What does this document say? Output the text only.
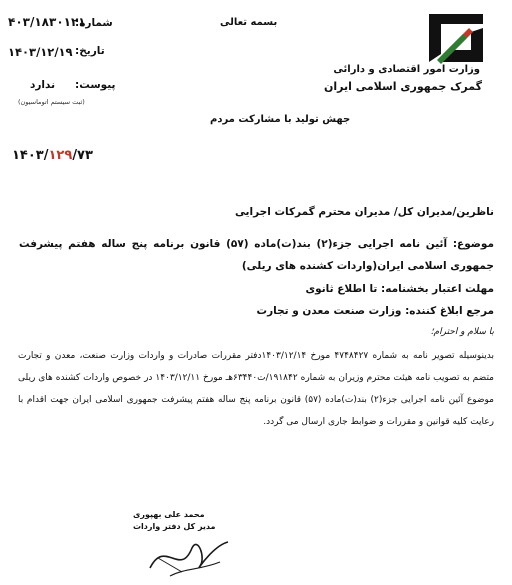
وزارت امور اقتصادی و دارائی
گمرک جمهوری اسلامی ایران
بسمه تعالی
جهش تولید با مشارکت مردم
شماره:
۴۰۳/۱۸۳۰۱۲۱
تاریخ:
۱۴۰۳/۱۲/۱۹
پیوست:
ندارد
(ثبت سیستم اتوماسیون)
۱۴۰۳/۱۲۹/۷۳
ناظرین/مدیران کل/ مدیران محترم گمرکات اجرایی
موضوع: آئین نامه اجرایی جزء(۲) بند(ت)ماده (۵۷) قانون برنامه پنج ساله هفتم پیشرفت جمهوری اسلامی ایران(واردات کشنده های ریلی)
مهلت اعتبار بخشنامه: تا اطلاع ثانوی
مرجع ابلاغ کننده: وزارت صنعت معدن و تجارت
با سلام و احترام؛
بدینوسیله تصویر نامه به شماره ۴۷۴۸۴۲۷ مورخ ۱۴۰۳/۱۲/۱۴دفتر مقررات صادرات و واردات وزارت صنعت، معدن و تجارت متضم به تصویب نامه هیئت محترم وزیران به شماره ۱۹۱۸۴۲/ت۶۳۴۴۰هـ مورخ ۱۴۰۳/۱۲/۱۱ در خصوص واردات کشنده های ریلی موضوع آئین نامه اجرایی جزء(۲) بند(ت)ماده (۵۷) قانون برنامه پنج ساله هفتم پیشرفت جمهوری اسلامی ایران جهت اقدام با رعایت کلیه قوانین و مقررات و ضوابط جاری ارسال می گردد.
محمد علی بهپوری
مدیر کل دفتر واردات
